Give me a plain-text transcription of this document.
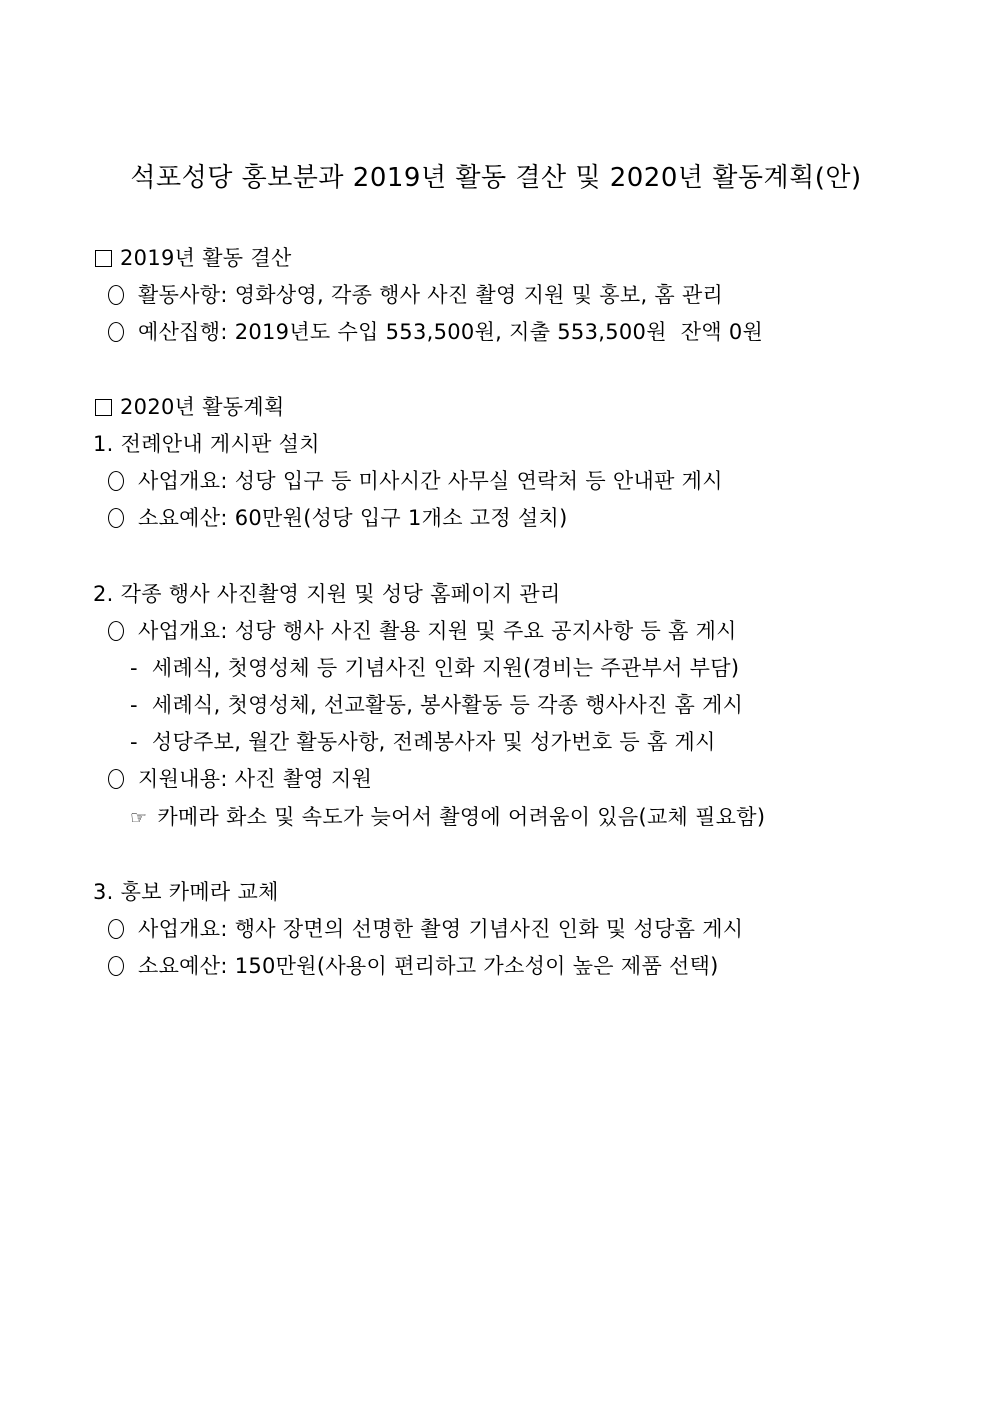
석포성당 홍보분과 2019년 활동 결산 및 2020년 활동계획(안)
2019년 활동 결산
활동사항: 영화상영, 각종 행사 사진 촬영 지원 및 홍보, 홈 관리
예산집행: 2019년도 수입 553,500원, 지출 553,500원  잔액 0원
2020년 활동계획
1. 전례안내 게시판 설치
사업개요: 성당 입구 등 미사시간 사무실 연락처 등 안내판 게시
소요예산: 60만원(성당 입구 1개소 고정 설치)
2. 각종 행사 사진촬영 지원 및 성당 홈페이지 관리
사업개요: 성당 행사 사진 촬용 지원 및 주요 공지사항 등 홈 게시
- 세례식, 첫영성체 등 기념사진 인화 지원(경비는 주관부서 부담)
- 세례식, 첫영성체, 선교활동, 봉사활동 등 각종 행사사진 홈 게시
- 성당주보, 월간 활동사항, 전례봉사자 및 성가번호 등 홈 게시
지원내용: 사진 촬영 지원
☞ 카메라 화소 및 속도가 늦어서 촬영에 어려움이 있음(교체 필요함)
3. 홍보 카메라 교체
사업개요: 행사 장면의 선명한 촬영 기념사진 인화 및 성당홈 게시
소요예산: 150만원(사용이 편리하고 가소성이 높은 제품 선택)
